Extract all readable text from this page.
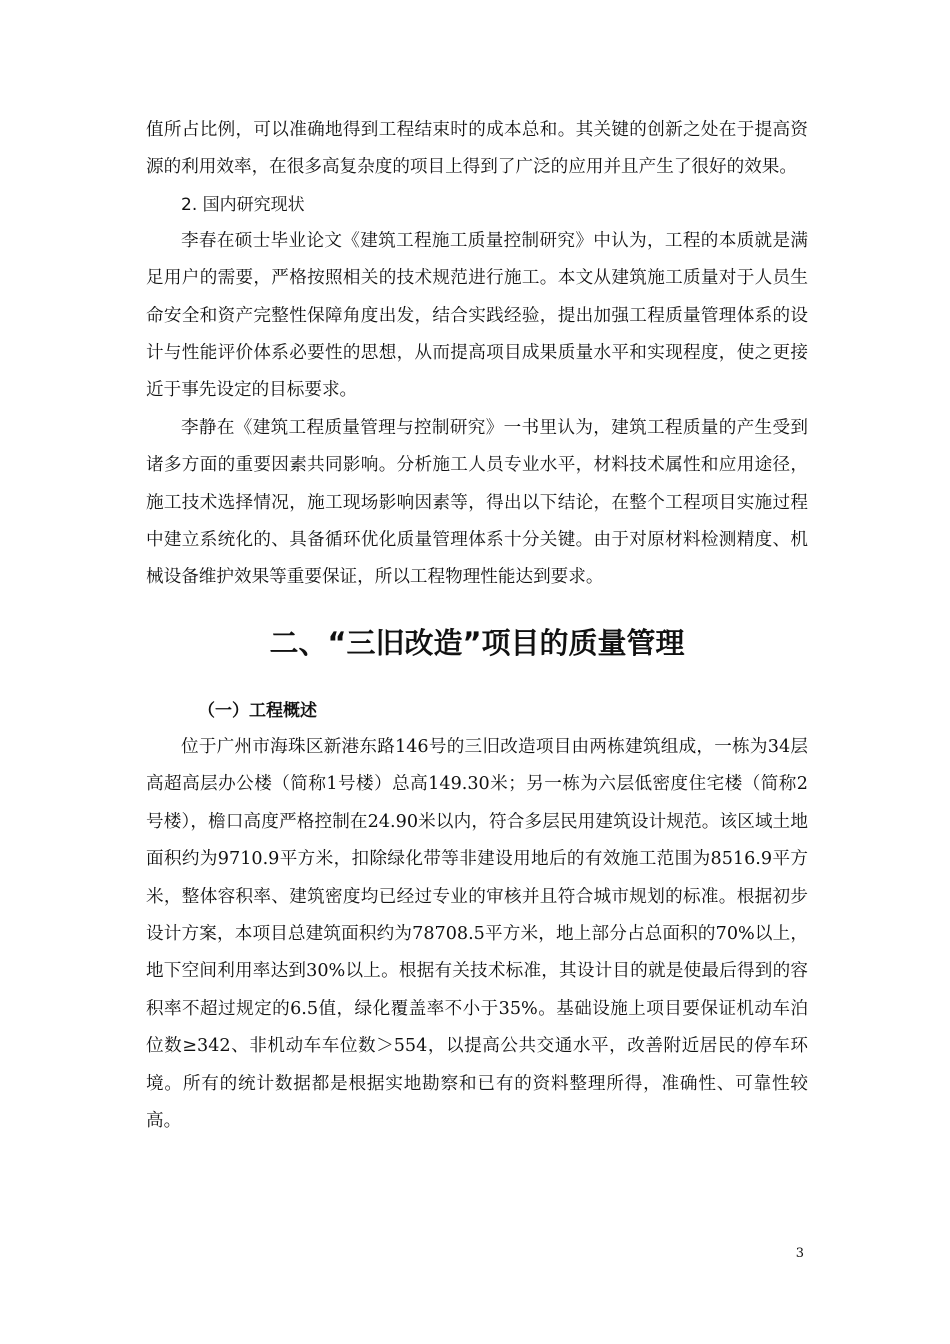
值所占比例，可以准确地得到工程结束时的成本总和。其关键的创新之处在于提高资源的利用效率，在很多高复杂度的项目上得到了广泛的应用并且产生了很好的效果。

2. 国内研究现状

李春在硕士毕业论文《建筑工程施工质量控制研究》中认为，工程的本质就是满足用户的需要，严格按照相关的技术规范进行施工。本文从建筑施工质量对于人员生命安全和资产完整性保障角度出发，结合实践经验，提出加强工程质量管理体系的设计与性能评价体系必要性的思想，从而提高项目成果质量水平和实现程度，使之更接近于事先设定的目标要求。

李静在《建筑工程质量管理与控制研究》一书里认为，建筑工程质量的产生受到诸多方面的重要因素共同影响。分析施工人员专业水平，材料技术属性和应用途径，施工技术选择情况，施工现场影响因素等，得出以下结论，在整个工程项目实施过程中建立系统化的、具备循环优化质量管理体系十分关键。由于对原材料检测精度、机械设备维护效果等重要保证，所以工程物理性能达到要求。

二、“三旧改造”项目的质量管理

（一）工程概述

位于广州市海珠区新港东路146号的三旧改造项目由两栋建筑组成，一栋为34层高超高层办公楼（简称1号楼）总高149.30米；另一栋为六层低密度住宅楼（简称2号楼），檐口高度严格控制在24.90米以内，符合多层民用建筑设计规范。该区域土地面积约为9710.9平方米，扣除绿化带等非建设用地后的有效施工范围为8516.9平方米，整体容积率、建筑密度均已经过专业的审核并且符合城市规划的标准。根据初步设计方案，本项目总建筑面积约为78708.5平方米，地上部分占总面积的70%以上，地下空间利用率达到30%以上。根据有关技术标准，其设计目的就是使最后得到的容积率不超过规定的6.5值，绿化覆盖率不小于35%。基础设施上项目要保证机动车泊位数≥342、非机动车车位数＞554，以提高公共交通水平，改善附近居民的停车环境。所有的统计数据都是根据实地勘察和已有的资料整理所得，准确性、可靠性较高。

3
